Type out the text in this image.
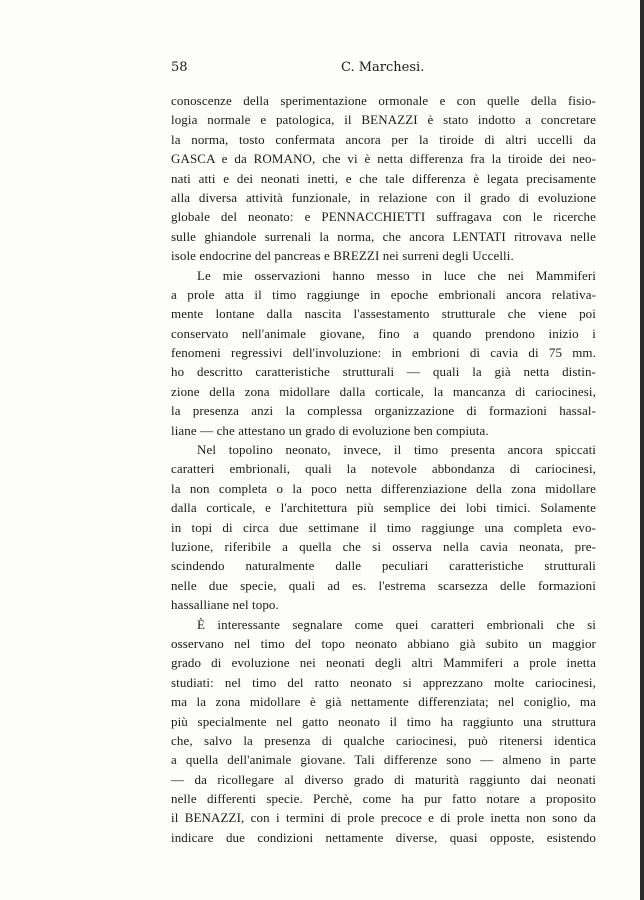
58	C. Marchesi.
conoscenze della sperimentazione ormonale e con quelle della fisio-
logia normale e patologica, il BENAZZI è stato indotto a concretare
la norma, tosto confermata ancora per la tiroide di altri uccelli da
GASCA e da ROMANO, che vi è netta differenza fra la tiroide dei neo-
nati atti e dei neonati inetti, e che tale differenza è legata precisamente
alla diversa attività funzionale, in relazione con il grado di evoluzione
globale del neonato: e PENNACCHIETTI suffragava con le ricerche
sulle ghiandole surrenali la norma, che ancora LENTATI ritrovava nelle
isole endocrine del pancreas e BREZZI nei surreni degli Uccelli.
Le mie osservazioni hanno messo in luce che nei Mammiferi
a prole atta il timo raggiunge in epoche embrionali ancora relativa-
mente lontane dalla nascita l'assestamento strutturale che viene poi
conservato nell'animale giovane, fino a quando prendono inizio i
fenomeni regressivi dell'involuzione: in embrioni di cavia di 75 mm.
ho descritto caratteristiche strutturali — quali la già netta distin-
zione della zona midollare dalla corticale, la mancanza di cariocinesi,
la presenza anzi la complessa organizzazione di formazioni hassal-
liane — che attestano un grado di evoluzione ben compiuta.
Nel topolino neonato, invece, il timo presenta ancora spiccati
caratteri embrionali, quali la notevole abbondanza di cariocinesi,
la non completa o la poco netta differenziazione della zona midollare
dalla corticale, e l'architettura più semplice dei lobi timici. Solamente
in topi di circa due settimane il timo raggiunge una completa evo-
luzione, riferibile a quella che si osserva nella cavia neonata, pre-
scindendo naturalmente dalle peculiari caratteristiche strutturali
nelle due specie, quali ad es. l'estrema scarsezza delle formazioni
hassalliane nel topo.
È interessante segnalare come quei caratteri embrionali che si
osservano nel timo del topo neonato abbiano già subito un maggior
grado di evoluzione nei neonati degli altri Mammiferi a prole inetta
studiati: nel timo del ratto neonato si apprezzano molte cariocinesi,
ma la zona midollare è già nettamente differenziata; nel coniglio, ma
più specialmente nel gatto neonato il timo ha raggiunto una struttura
che, salvo la presenza di qualche cariocinesi, può ritenersi identica
a quella dell'animale giovane. Tali differenze sono — almeno in parte
— da ricollegare al diverso grado di maturità raggiunto dai neonati
nelle differenti specie. Perchè, come ha pur fatto notare a proposito
il BENAZZI, con i termini di prole precoce e di prole inetta non sono da
indicare due condizioni nettamente diverse, quasi opposte, esistendo
